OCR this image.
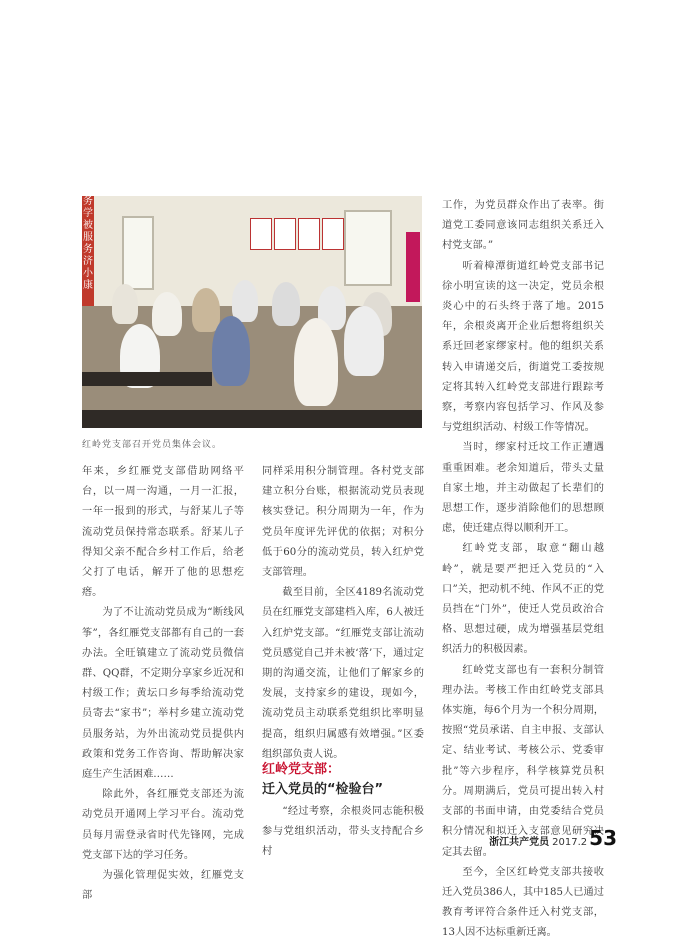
务
学
被
服
务
济
小
康
红岭党支部召开党员集体会议。

年来，乡红雁党支部借助网络平台，以一周一沟通，一月一汇报，一年一报到的形式，与舒某儿子等流动党员保持常态联系。舒某儿子得知父亲不配合乡村工作后，给老父打了电话，解开了他的思想疙瘩。

为了不让流动党员成为“断线风筝”，各红雁党支部都有自己的一套办法。全旺镇建立了流动党员微信群、QQ群，不定期分享家乡近况和村级工作；黄坛口乡每季给流动党员寄去“家书”；举村乡建立流动党员服务站，为外出流动党员提供内政策和党务工作咨询、帮助解决家庭生产生活困难……

除此外，各红雁党支部还为流动党员开通网上学习平台。流动党员每月需登录省时代先锋网，完成党支部下达的学习任务。

为强化管理促实效，红雁党支部

同样采用积分制管理。各村党支部建立积分台账，根据流动党员表现核实登记。积分周期为一年，作为党员年度评先评优的依据；对积分低于60分的流动党员，转入红炉党支部管理。

截至目前，全区4189名流动党员在红雁党支部建档入库，6人被迁入红炉党支部。“红雁党支部让流动党员感觉自己并未被‘落’下，通过定期的沟通交流，让他们了解家乡的发展，支持家乡的建设，现如今，流动党员主动联系党组织比率明显提高，组织归属感有效增强。”区委组织部负责人说。

红岭党支部：
迁入党员的“检验台”

“经过考察，余根炎同志能积极参与党组织活动，带头支持配合乡村

工作，为党员群众作出了表率。街道党工委同意该同志组织关系迁入村党支部。”

听着樟潭街道红岭党支部书记徐小明宣读的这一决定，党员余根炎心中的石头终于落了地。2015年，余根炎离开企业后想将组织关系迁回老家缪家村。他的组织关系转入申请递交后，街道党工委按规定将其转入红岭党支部进行跟踪考察，考察内容包括学习、作风及参与党组织活动、村级工作等情况。

当时，缪家村迁坟工作正遭遇重重困难。老余知道后，带头丈量自家土地，并主动做起了长辈们的思想工作，逐步消除他们的思想顾虑，使迁建点得以顺利开工。

红岭党支部，取意“翻山越岭”，就是要严把迁入党员的“入口”关，把动机不纯、作风不正的党员挡在“门外”，使迁人党员政治合格、思想过硬，成为增强基层党组织活力的积极因素。

红岭党支部也有一套积分制管理办法。考核工作由红岭党支部具体实施，每6个月为一个积分周期，按照“党员承诺、自主申报、支部认定、结业考试、考核公示、党委审批”等六步程序，科学核算党员积分。周期满后，党员可提出转入村支部的书面申请，由党委结合党员积分情况和拟迁入支部意见研究决定其去留。

至今，全区红岭党支部共接收迁入党员386人，其中185人已通过教育考评符合条件迁入村党支部，13人因不达标重新迁离。

浙江共产党员 2017.2 53
